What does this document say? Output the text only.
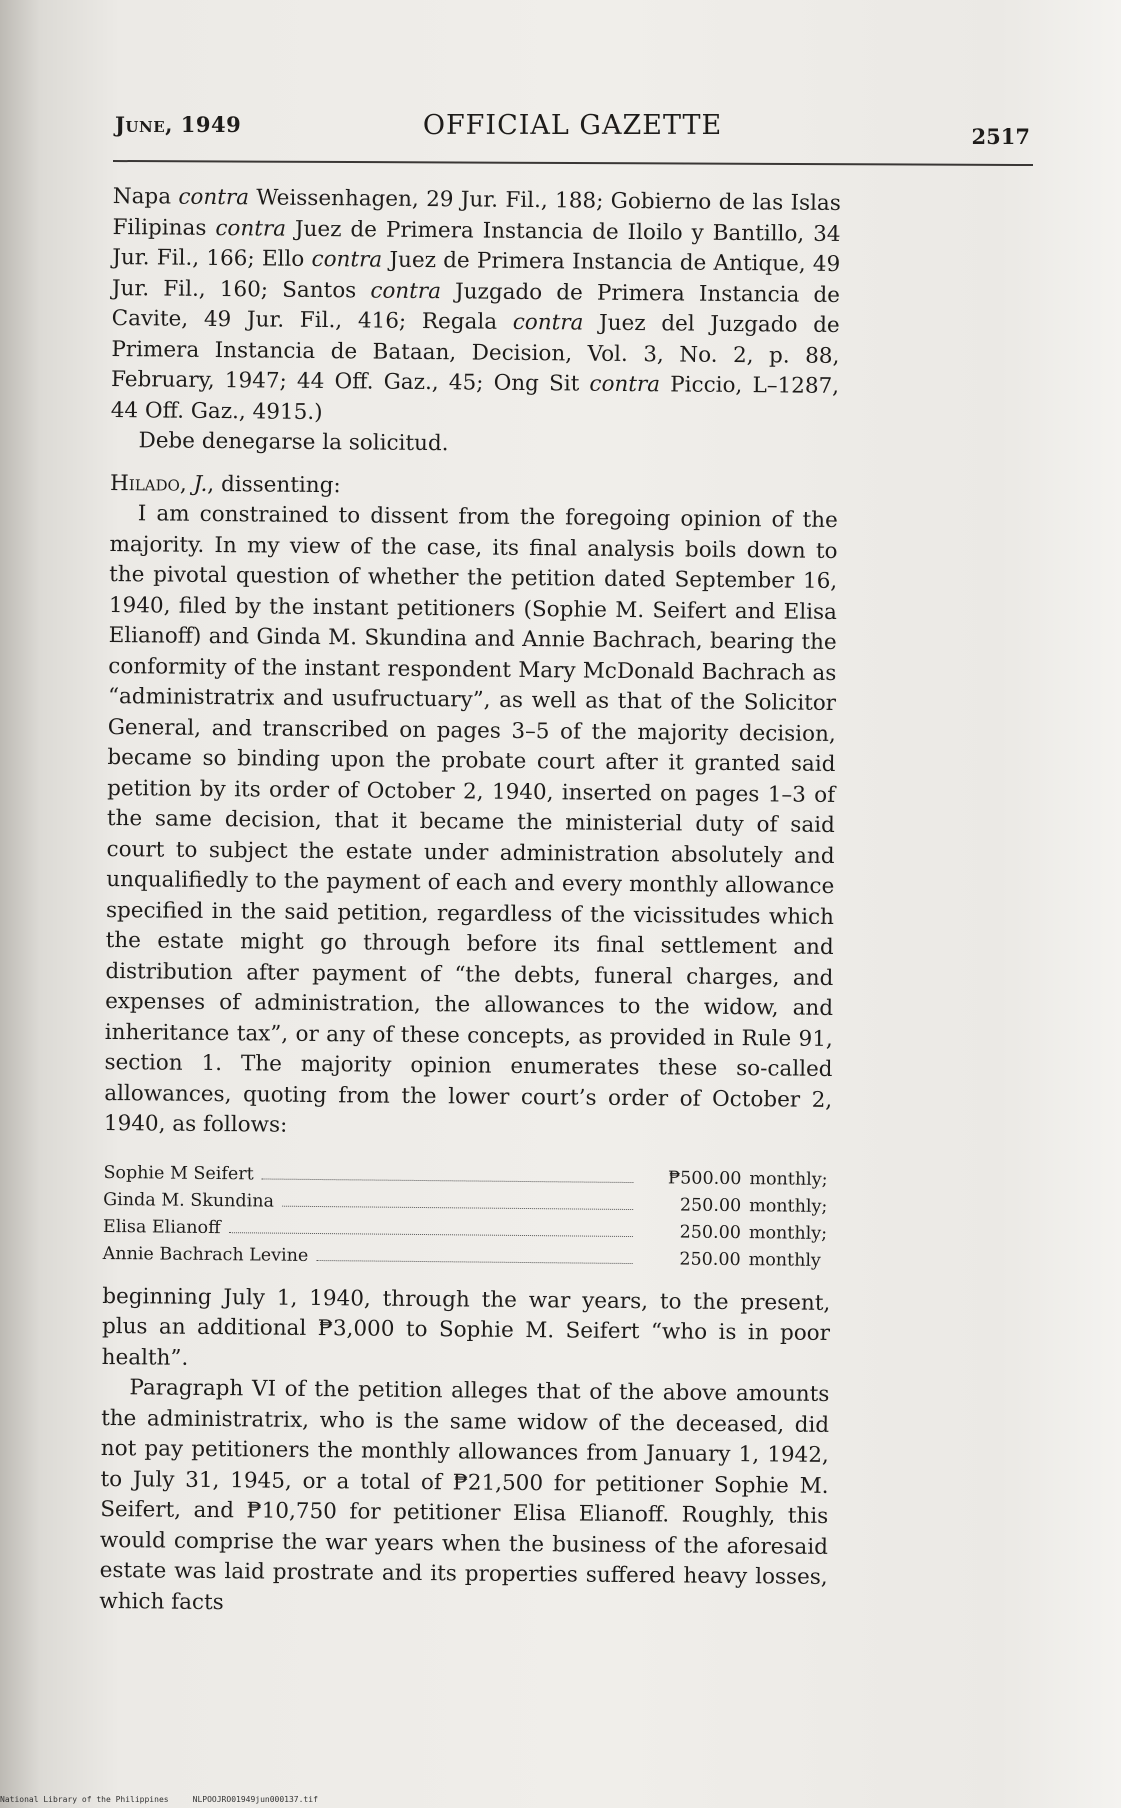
June, 1949	OFFICIAL GAZETTE	2517

Napa contra Weissenhagen, 29 Jur. Fil., 188; Gobierno de las Islas Filipinas contra Juez de Primera Instancia de Iloilo y Bantillo, 34 Jur. Fil., 166; Ello contra Juez de Primera Instancia de Antique, 49 Jur. Fil., 160; Santos contra Juzgado de Primera Instancia de Cavite, 49 Jur. Fil., 416; Regala contra Juez del Juzgado de Primera Instancia de Bataan, Decision, Vol. 3, No. 2, p. 88, February, 1947; 44 Off. Gaz., 45; Ong Sit contra Piccio, L–1287, 44 Off. Gaz., 4915.)

Debe denegarse la solicitud.

Hilado, J., dissenting:

I am constrained to dissent from the foregoing opinion of the majority. In my view of the case, its final analysis boils down to the pivotal question of whether the petition dated September 16, 1940, filed by the instant petitioners (Sophie M. Seifert and Elisa Elianoff) and Ginda M. Skundina and Annie Bachrach, bearing the conformity of the instant respondent Mary McDonald Bachrach as “administratrix and usufructuary”, as well as that of the Solicitor General, and transcribed on pages 3–5 of the majority decision, became so binding upon the probate court after it granted said petition by its order of October 2, 1940, inserted on pages 1–3 of the same decision, that it became the ministerial duty of said court to subject the estate under administration absolutely and unqualifiedly to the payment of each and every monthly allowance specified in the said petition, regardless of the vicissitudes which the estate might go through before its final settlement and distribution after payment of “the debts, funeral charges, and expenses of administration, the allowances to the widow, and inheritance tax”, or any of these concepts, as provided in Rule 91, section 1. The majority opinion enumerates these so-called allowances, quoting from the lower court’s order of October 2, 1940, as follows:

Sophie M Seifert	₱500.00 monthly;
Ginda M. Skundina	250.00 monthly;
Elisa Elianoff	250.00 monthly;
Annie Bachrach Levine	250.00 monthly

beginning July 1, 1940, through the war years, to the present, plus an additional ₱3,000 to Sophie M. Seifert “who is in poor health”.

Paragraph VI of the petition alleges that of the above amounts the administratrix, who is the same widow of the deceased, did not pay petitioners the monthly allowances from January 1, 1942, to July 31, 1945, or a total of ₱21,500 for petitioner Sophie M. Seifert, and ₱10,750 for petitioner Elisa Elianoff. Roughly, this would comprise the war years when the business of the aforesaid estate was laid prostrate and its properties suffered heavy losses, which facts

National Library of the Philippines     NLPOOJRO01949jun000137.tif
